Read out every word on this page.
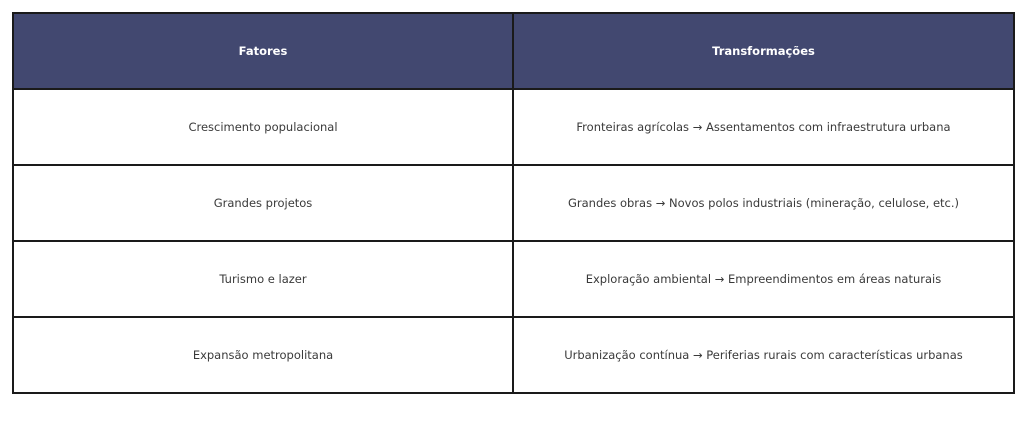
Fatores	Transformações
Crescimento populacional	Fronteiras agrícolas → Assentamentos com infraestrutura urbana
Grandes projetos	Grandes obras → Novos polos industriais (mineração, celulose, etc.)
Turismo e lazer	Exploração ambiental → Empreendimentos em áreas naturais
Expansão metropolitana	Urbanização contínua → Periferias rurais com características urbanas
